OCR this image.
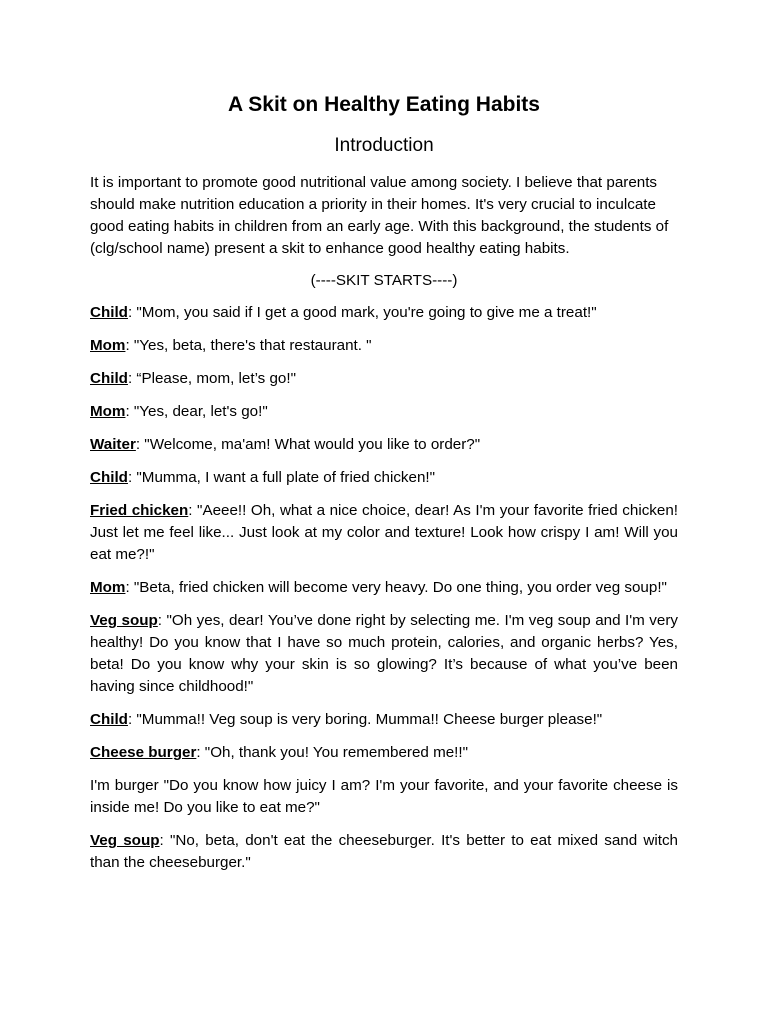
A Skit on Healthy Eating Habits
Introduction

It is important to promote good nutritional value among society. I believe that parents should make nutrition education a priority in their homes. It's very crucial to inculcate good eating habits in children from an early age. With this background, the students of (clg/school name) present a skit to enhance good healthy eating habits.

(----SKIT STARTS----)

Child: "Mom, you said if I get a good mark, you're going to give me a treat!"

Mom: "Yes, beta, there's that restaurant. "

Child: “Please, mom, let’s go!"

Mom: "Yes, dear, let's go!"

Waiter: "Welcome, ma'am! What would you like to order?"

Child: "Mumma, I want a full plate of fried chicken!"

Fried chicken: "Aeee!! Oh, what a nice choice, dear! As I'm your favorite fried chicken! Just let me feel like... Just look at my color and texture! Look how crispy I am! Will you eat me?!"

Mom: "Beta, fried chicken will become very heavy. Do one thing, you order veg soup!"

Veg soup: "Oh yes, dear! You’ve done right by selecting me. I'm veg soup and I'm very healthy! Do you know that I have so much protein, calories, and organic herbs? Yes, beta! Do you know why your skin is so glowing? It’s because of what you’ve been having since childhood!"

Child: "Mumma!! Veg soup is very boring. Mumma!! Cheese burger please!"

Cheese burger: "Oh, thank you! You remembered me!!"

I'm burger "Do you know how juicy I am? I'm your favorite, and your favorite cheese is inside me! Do you like to eat me?"

Veg soup: "No, beta, don't eat the cheeseburger. It's better to eat mixed sand witch than the cheeseburger."
